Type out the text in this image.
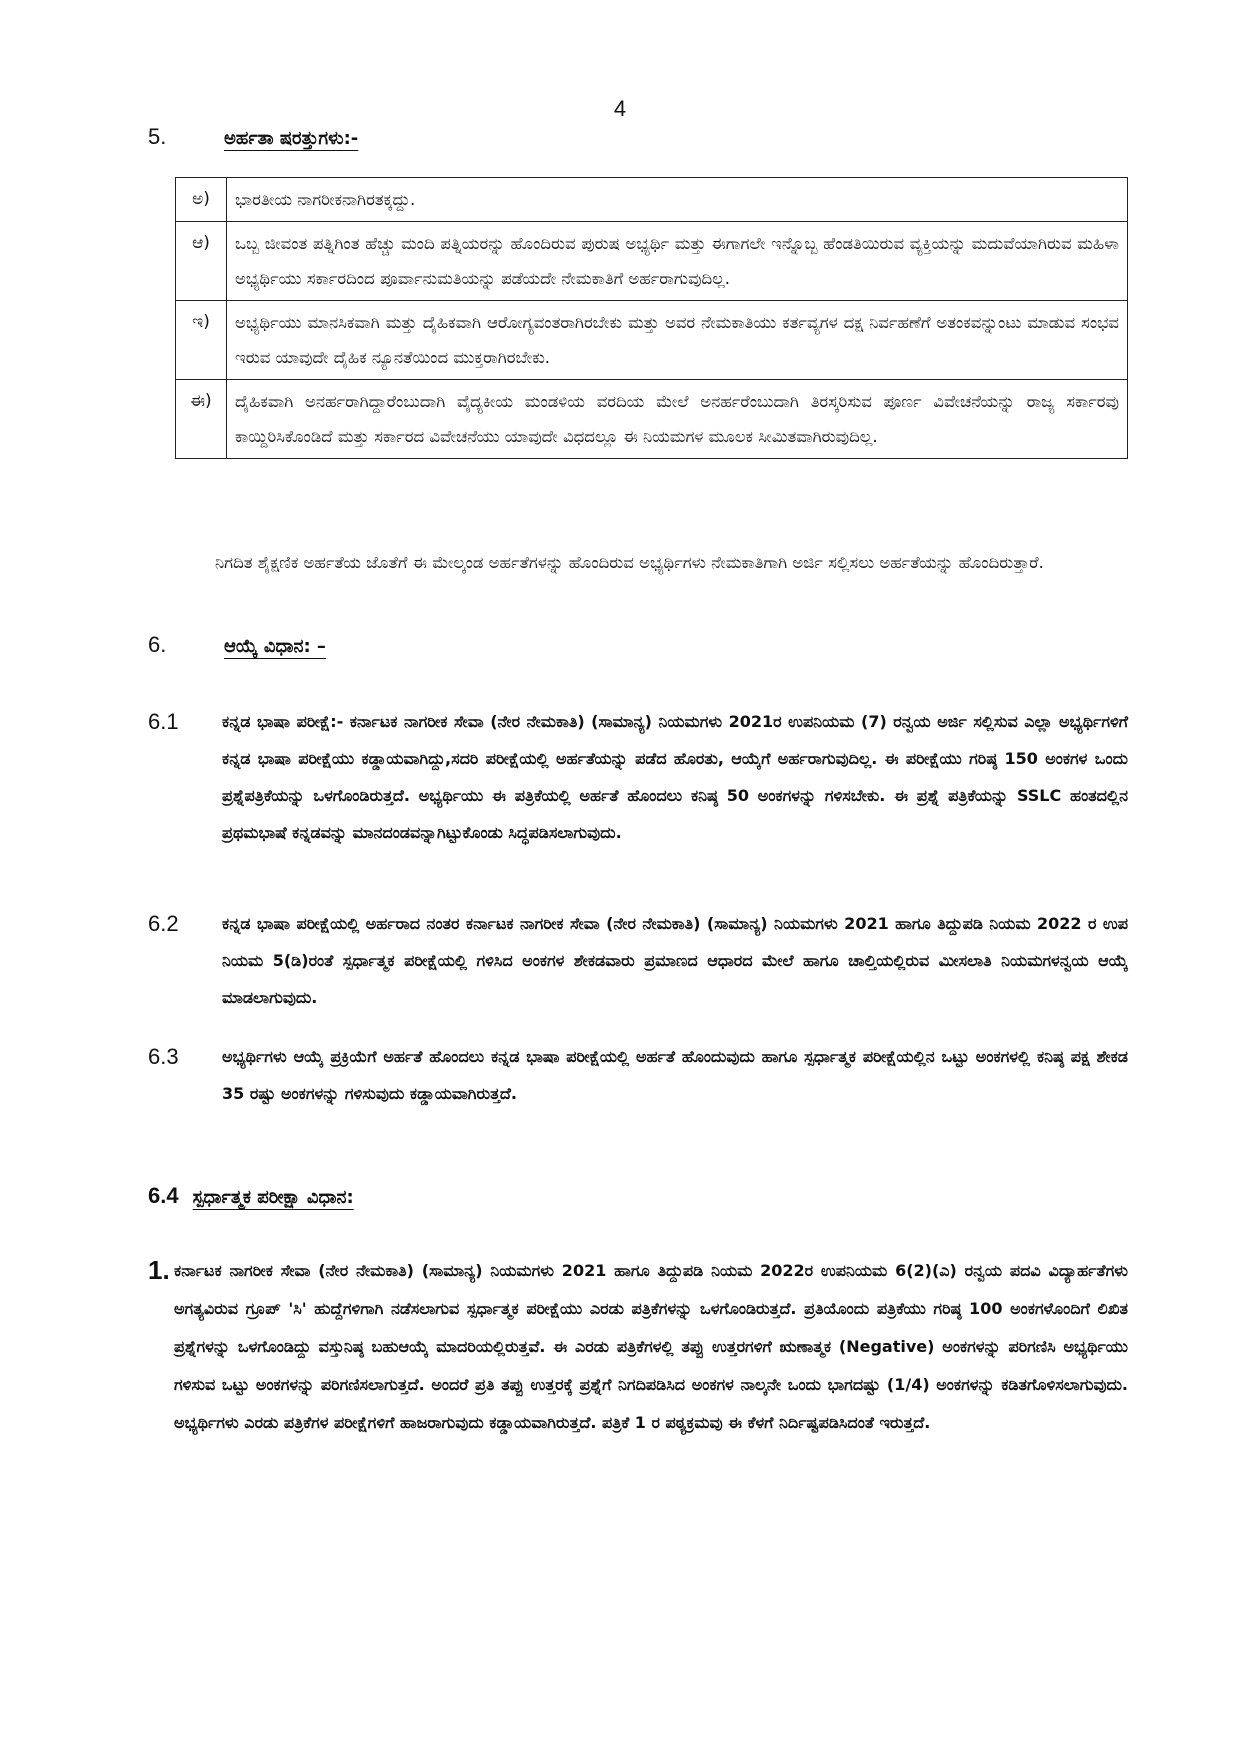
4
5.	ಅರ್ಹತಾ ಷರತ್ತುಗಳು:-
ಅ)	ಭಾರತೀಯ ನಾಗರೀಕನಾಗಿರತಕ್ಕದ್ದು.
ಆ)	ಒಬ್ಬ ಜೀವಂತ ಪತ್ನಿಗಿಂತ ಹೆಚ್ಚು ಮಂದಿ ಪತ್ನಿಯರನ್ನು ಹೊಂದಿರುವ ಪುರುಷ ಅಭ್ಯರ್ಥಿ ಮತ್ತು ಈಗಾಗಲೇ ಇನ್ನೊಬ್ಬ ಹೆಂಡತಿಯಿರುವ ವ್ಯಕ್ತಿಯನ್ನು ಮದುವೆಯಾಗಿರುವ ಮಹಿಳಾ ಅಭ್ಯರ್ಥಿಯು ಸರ್ಕಾರದಿಂದ ಪೂರ್ವಾನುಮತಿಯನ್ನು ಪಡೆಯದೇ ನೇಮಕಾತಿಗೆ ಅರ್ಹರಾಗುವುದಿಲ್ಲ.
ಇ)	ಅಭ್ಯರ್ಥಿಯು ಮಾನಸಿಕವಾಗಿ ಮತ್ತು ದೈಹಿಕವಾಗಿ ಆರೋಗ್ಯವಂತರಾಗಿರಬೇಕು ಮತ್ತು ಅವರ ನೇಮಕಾತಿಯು ಕರ್ತವ್ಯಗಳ ದಕ್ಷ ನಿರ್ವಹಣೆಗೆ ಅತಂಕವನ್ನುಂಟು ಮಾಡುವ ಸಂಭವ ಇರುವ ಯಾವುದೇ ದೈಹಿಕ ನ್ಯೂನತೆಯಿಂದ ಮುಕ್ತರಾಗಿರಬೇಕು.
ಈ)	ದೈಹಿಕವಾಗಿ ಅನರ್ಹರಾಗಿದ್ದಾರೆಂಬುದಾಗಿ ವೈದ್ಯಕೀಯ ಮಂಡಳಿಯ ವರದಿಯ ಮೇಲೆ ಅನರ್ಹರೆಂಬುದಾಗಿ ತಿರಸ್ಕರಿಸುವ ಪೂರ್ಣ ವಿವೇಚನೆಯನ್ನು ರಾಜ್ಯ ಸರ್ಕಾರವು ಕಾಯ್ದಿರಿಸಿಕೊಂಡಿದೆ ಮತ್ತು ಸರ್ಕಾರದ ವಿವೇಚನೆಯು ಯಾವುದೇ ವಿಧದಲ್ಲೂ ಈ ನಿಯಮಗಳ ಮೂಲಕ ಸೀಮಿತವಾಗಿರುವುದಿಲ್ಲ.
ನಿಗದಿತ ಶೈಕ್ಷಣಿಕ ಅರ್ಹತೆಯ ಜೊತೆಗೆ ಈ ಮೇಲ್ಕಂಡ ಅರ್ಹತೆಗಳನ್ನು ಹೊಂದಿರುವ ಅಭ್ಯರ್ಥಿಗಳು ನೇಮಕಾತಿಗಾಗಿ ಅರ್ಜಿ ಸಲ್ಲಿಸಲು ಅರ್ಹತೆಯನ್ನು ಹೊಂದಿರುತ್ತಾರೆ.
6.	ಆಯ್ಕೆ ವಿಧಾನ: –
6.1	ಕನ್ನಡ ಭಾಷಾ ಪರೀಕ್ಷೆ:- ಕರ್ನಾಟಕ ನಾಗರೀಕ ಸೇವಾ (ನೇರ ನೇಮಕಾತಿ) (ಸಾಮಾನ್ಯ) ನಿಯಮಗಳು 2021ರ ಉಪನಿಯಮ (7) ರನ್ವಯ ಅರ್ಜಿ ಸಲ್ಲಿಸುವ ಎಲ್ಲಾ ಅಭ್ಯರ್ಥಿಗಳಿಗೆ ಕನ್ನಡ ಭಾಷಾ ಪರೀಕ್ಷೆಯು ಕಡ್ಡಾಯವಾಗಿದ್ದು,ಸದರಿ ಪರೀಕ್ಷೆಯಲ್ಲಿ ಅರ್ಹತೆಯನ್ನು ಪಡೆದ ಹೊರತು, ಆಯ್ಕೆಗೆ ಅರ್ಹರಾಗುವುದಿಲ್ಲ. ಈ ಪರೀಕ್ಷೆಯು ಗರಿಷ್ಠ 150 ಅಂಕಗಳ ಒಂದು ಪ್ರಶ್ನೆಪತ್ರಿಕೆಯನ್ನು ಒಳಗೊಂಡಿರುತ್ತದೆ. ಅಭ್ಯರ್ಥಿಯು ಈ ಪತ್ರಿಕೆಯಲ್ಲಿ ಅರ್ಹತೆ ಹೊಂದಲು ಕನಿಷ್ಠ 50 ಅಂಕಗಳನ್ನು ಗಳಿಸಬೇಕು. ಈ ಪ್ರಶ್ನೆ ಪತ್ರಿಕೆಯನ್ನು SSLC ಹಂತದಲ್ಲಿನ ಪ್ರಥಮಭಾಷೆ ಕನ್ನಡವನ್ನು ಮಾನದಂಡವನ್ನಾಗಿಟ್ಟುಕೊಂಡು ಸಿದ್ಧಪಡಿಸಲಾಗುವುದು.
6.2	ಕನ್ನಡ ಭಾಷಾ ಪರೀಕ್ಷೆಯಲ್ಲಿ ಅರ್ಹರಾದ ನಂತರ ಕರ್ನಾಟಕ ನಾಗರೀಕ ಸೇವಾ (ನೇರ ನೇಮಕಾತಿ) (ಸಾಮಾನ್ಯ) ನಿಯಮಗಳು 2021 ಹಾಗೂ ತಿದ್ದುಪಡಿ ನಿಯಮ 2022 ರ ಉಪ ನಿಯಮ 5(ಡಿ)ರಂತೆ ಸ್ಪರ್ಧಾತ್ಮಕ ಪರೀಕ್ಷೆಯಲ್ಲಿ ಗಳಿಸಿದ ಅಂಕಗಳ ಶೇಕಡವಾರು ಪ್ರಮಾಣದ ಆಧಾರದ ಮೇಲೆ ಹಾಗೂ ಚಾಲ್ತಿಯಲ್ಲಿರುವ ಮೀಸಲಾತಿ ನಿಯಮಗಳನ್ವಯ ಆಯ್ಕೆ ಮಾಡಲಾಗುವುದು.
6.3	ಅಭ್ಯರ್ಥಿಗಳು ಆಯ್ಕೆ ಪ್ರಕ್ರಿಯೆಗೆ ಅರ್ಹತೆ ಹೊಂದಲು ಕನ್ನಡ ಭಾಷಾ ಪರೀಕ್ಷೆಯಲ್ಲಿ ಅರ್ಹತೆ ಹೊಂದುವುದು ಹಾಗೂ ಸ್ಪರ್ಧಾತ್ಮಕ ಪರೀಕ್ಷೆಯಲ್ಲಿನ ಒಟ್ಟು ಅಂಕಗಳಲ್ಲಿ ಕನಿಷ್ಠ ಪಕ್ಷ ಶೇಕಡ 35 ರಷ್ಟು ಅಂಕಗಳನ್ನು ಗಳಿಸುವುದು ಕಡ್ಡಾಯವಾಗಿರುತ್ತದೆ.
6.4 ಸ್ಪರ್ಧಾತ್ಮಕ ಪರೀಕ್ಷಾ ವಿಧಾನ:
1. ಕರ್ನಾಟಕ ನಾಗರೀಕ ಸೇವಾ (ನೇರ ನೇಮಕಾತಿ) (ಸಾಮಾನ್ಯ) ನಿಯಮಗಳು 2021 ಹಾಗೂ ತಿದ್ದುಪಡಿ ನಿಯಮ 2022ರ ಉಪನಿಯಮ 6(2)(ಎ) ರನ್ವಯ ಪದವಿ ವಿದ್ಯಾರ್ಹತೆಗಳು ಅಗತ್ಯವಿರುವ ಗ್ರೂಪ್ 'ಸಿ' ಹುದ್ದೆಗಳಿಗಾಗಿ ನಡೆಸಲಾಗುವ ಸ್ಪರ್ಧಾತ್ಮಕ ಪರೀಕ್ಷೆಯು ಎರಡು ಪತ್ರಿಕೆಗಳನ್ನು ಒಳಗೊಂಡಿರುತ್ತದೆ. ಪ್ರತಿಯೊಂದು ಪತ್ರಿಕೆಯು ಗರಿಷ್ಠ 100 ಅಂಕಗಳೊಂದಿಗೆ ಲಿಖಿತ ಪ್ರಶ್ನೆಗಳನ್ನು ಒಳಗೊಂಡಿದ್ದು ವಸ್ತುನಿಷ್ಠ ಬಹುಆಯ್ಕೆ ಮಾದರಿಯಲ್ಲಿರುತ್ತವೆ. ಈ ಎರಡು ಪತ್ರಿಕೆಗಳಲ್ಲಿ ತಪ್ಪು ಉತ್ತರಗಳಿಗೆ ಋಣಾತ್ಮಕ (Negative) ಅಂಕಗಳನ್ನು ಪರಿಗಣಿಸಿ ಅಭ್ಯರ್ಥಿಯು ಗಳಿಸುವ ಒಟ್ಟು ಅಂಕಗಳನ್ನು ಪರಿಗಣಿಸಲಾಗುತ್ತದೆ. ಅಂದರೆ ಪ್ರತಿ ತಪ್ಪು ಉತ್ತರಕ್ಕೆ ಪ್ರಶ್ನೆಗೆ ನಿಗದಿಪಡಿಸಿದ ಅಂಕಗಳ ನಾಲ್ಕನೇ ಒಂದು ಭಾಗದಷ್ಟು (1/4) ಅಂಕಗಳನ್ನು ಕಡಿತಗೊಳಿಸಲಾಗುವುದು. ಅಭ್ಯರ್ಥಿಗಳು ಎರಡು ಪತ್ರಿಕೆಗಳ ಪರೀಕ್ಷೆಗಳಿಗೆ ಹಾಜರಾಗುವುದು ಕಡ್ಡಾಯವಾಗಿರುತ್ತದೆ. ಪತ್ರಿಕೆ 1 ರ ಪಠ್ಯಕ್ರಮವು ಈ ಕೆಳಗೆ ನಿರ್ದಿಷ್ಟಪಡಿಸಿದಂತೆ ಇರುತ್ತದೆ.
